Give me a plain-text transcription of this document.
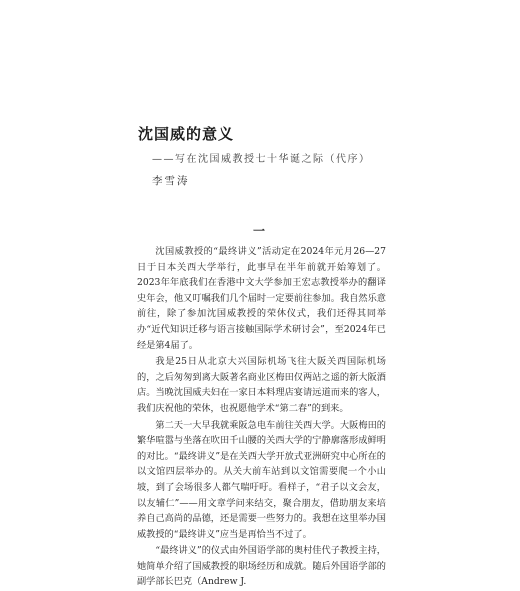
沈国威的意义
——写在沈国威教授七十华诞之际（代序）
李雪涛
一

沈国威教授的“最终讲义”活动定在2024年元月26—27日于日本关西大学举行，此事早在半年前就开始筹划了。2023年年底我们在香港中文大学参加王宏志教授举办的翻译史年会，他又叮嘱我们几个届时一定要前往参加。我自然乐意前往，除了参加沈国威教授的荣休仪式，我们还得其同举办“近代知识迁移与语言接触国际学术研讨会”，至2024年已经是第4届了。

我是25日从北京大兴国际机场飞往大阪关西国际机场的，之后匆匆到离大阪著名商业区梅田仅两站之遥的新大阪酒店。当晚沈国威夫妇在一家日本料理店宴请远道而来的客人，我们庆祝他的荣休，也祝愿他学术“第二春”的到来。

第二天一大早我就乘阪急电车前往关西大学。大阪梅田的繁华喧嚣与坐落在吹田千山腰的关西大学的宁静廓落形成鲜明的对比。“最终讲义”是在关西大学开放式亚洲研究中心所在的以文馆四层举办的。从关大前车站到以文馆需要爬一个小山坡，到了会场很多人都气喘吁吁。看样子，“君子以文会友，以友辅仁”——用文章学问来结交，聚合朋友，借助朋友来培养自己高尚的品德，还是需要一些努力的。我想在这里举办国威教授的“最终讲义”应当是再恰当不过了。

“最终讲义”的仪式由外国语学部的奥村佳代子教授主持，她简单介绍了国威教授的职场经历和成就。随后外国语学部的副学部长巴克（Andrew J.
